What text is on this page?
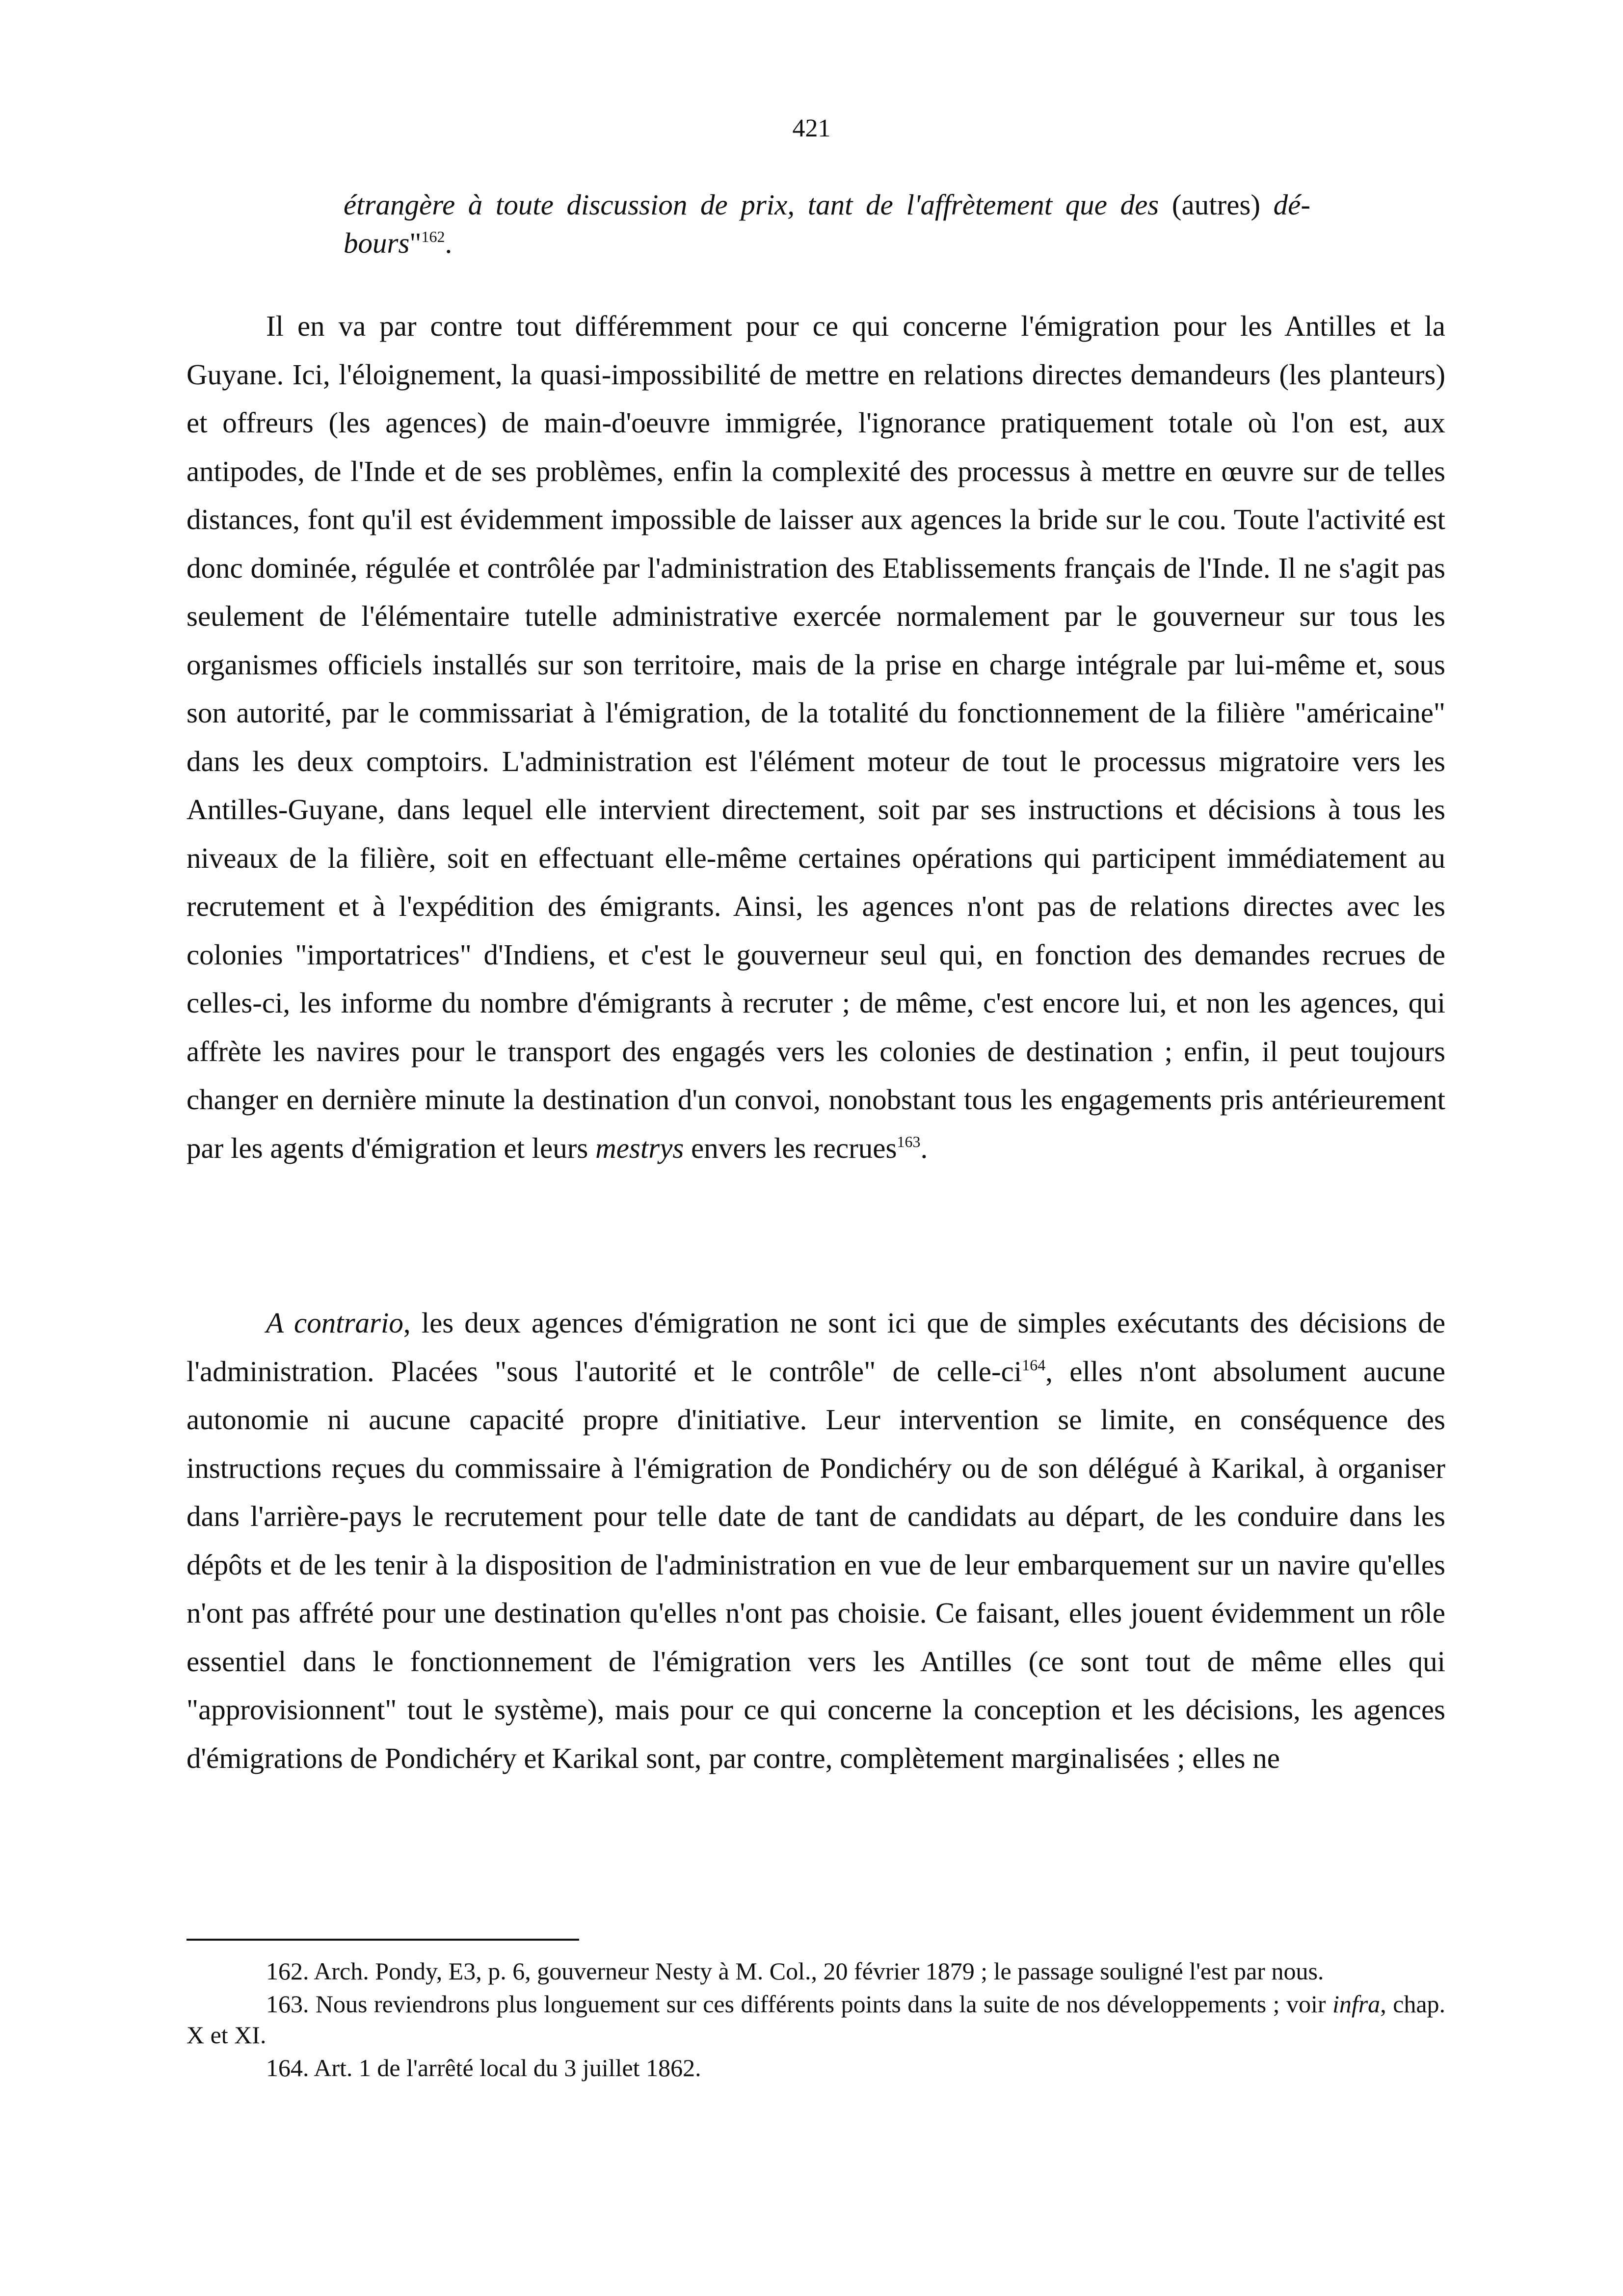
421
étrangère à toute discussion de prix, tant de l'affrètement que des (autres) dé-bours"$^{162}$.

Il en va par contre tout différemment pour ce qui concerne l'émigration pour les Antilles et la Guyane. Ici, l'éloignement, la quasi-impossibilité de mettre en relations directes demandeurs (les planteurs) et offreurs (les agences) de main-d'oeuvre immigrée, l'ignorance pratiquement totale où l'on est, aux antipodes, de l'Inde et de ses problèmes, enfin la complexité des processus à mettre en œuvre sur de telles distances, font qu'il est évidemment impossible de laisser aux agences la bride sur le cou. Toute l'activité est donc dominée, régulée et contrôlée par l'administration des Etablissements français de l'Inde. Il ne s'agit pas seulement de l'élémentaire tutelle administrative exercée normalement par le gouverneur sur tous les organismes officiels installés sur son territoire, mais de la prise en charge intégrale par lui-même et, sous son autorité, par le commissariat à l'émigration, de la totalité du fonctionnement de la filière "américaine" dans les deux comptoirs. L'administration est l'élément moteur de tout le processus migratoire vers les Antilles-Guyane, dans lequel elle intervient directement, soit par ses instructions et décisions à tous les niveaux de la filière, soit en effectuant elle-même certaines opérations qui participent immédiatement au recrutement et à l'expédition des émigrants. Ainsi, les agences n'ont pas de relations directes avec les colonies "importatrices" d'Indiens, et c'est le gouverneur seul qui, en fonction des demandes recrues de celles-ci, les informe du nombre d'émigrants à recruter ; de même, c'est encore lui, et non les agences, qui affrète les navires pour le transport des engagés vers les colonies de destination ; enfin, il peut toujours changer en dernière minute la destination d'un convoi, nonobstant tous les engagements pris antérieurement par les agents d'émigration et leurs mestrys envers les recrues$^{163}$.

A contrario, les deux agences d'émigration ne sont ici que de simples exécutants des décisions de l'administration. Placées "sous l'autorité et le contrôle" de celle-$ci^{164}$, elles n'ont absolument aucune autonomie ni aucune capacité propre d'initiative. Leur intervention se limite, en conséquence des instructions reçues du commissaire à l'émigration de Pondichéry ou de son délégué à Karikal, à organiser dans l'arrière-pays le recrutement pour telle date de tant de candidats au départ, de les conduire dans les dépôts et de les tenir à la disposition de l'administration en vue de leur embarquement sur un navire qu'elles n'ont pas affrété pour une destination qu'elles n'ont pas choisie. Ce faisant, elles jouent évidemment un rôle essentiel dans le fonctionnement de l'émigration vers les Antilles (ce sont tout de même elles qui "approvisionnent" tout le système), mais pour ce qui concerne la conception et les décisions, les agences d'émigrations de Pondichéry et Karikal sont, par contre, complètement marginalisées ; elles ne

162. Arch. Pondy, E3, p. 6, gouverneur Nesty à M. Col., 20 février 1879 ; le passage souligné l'est par nous.

163. Nous reviendrons plus longuement sur ces différents points dans la suite de nos développements ; voir infra, chap. X et XI.

164. Art. 1 de l'arrêté local du 3 juillet 1862.
